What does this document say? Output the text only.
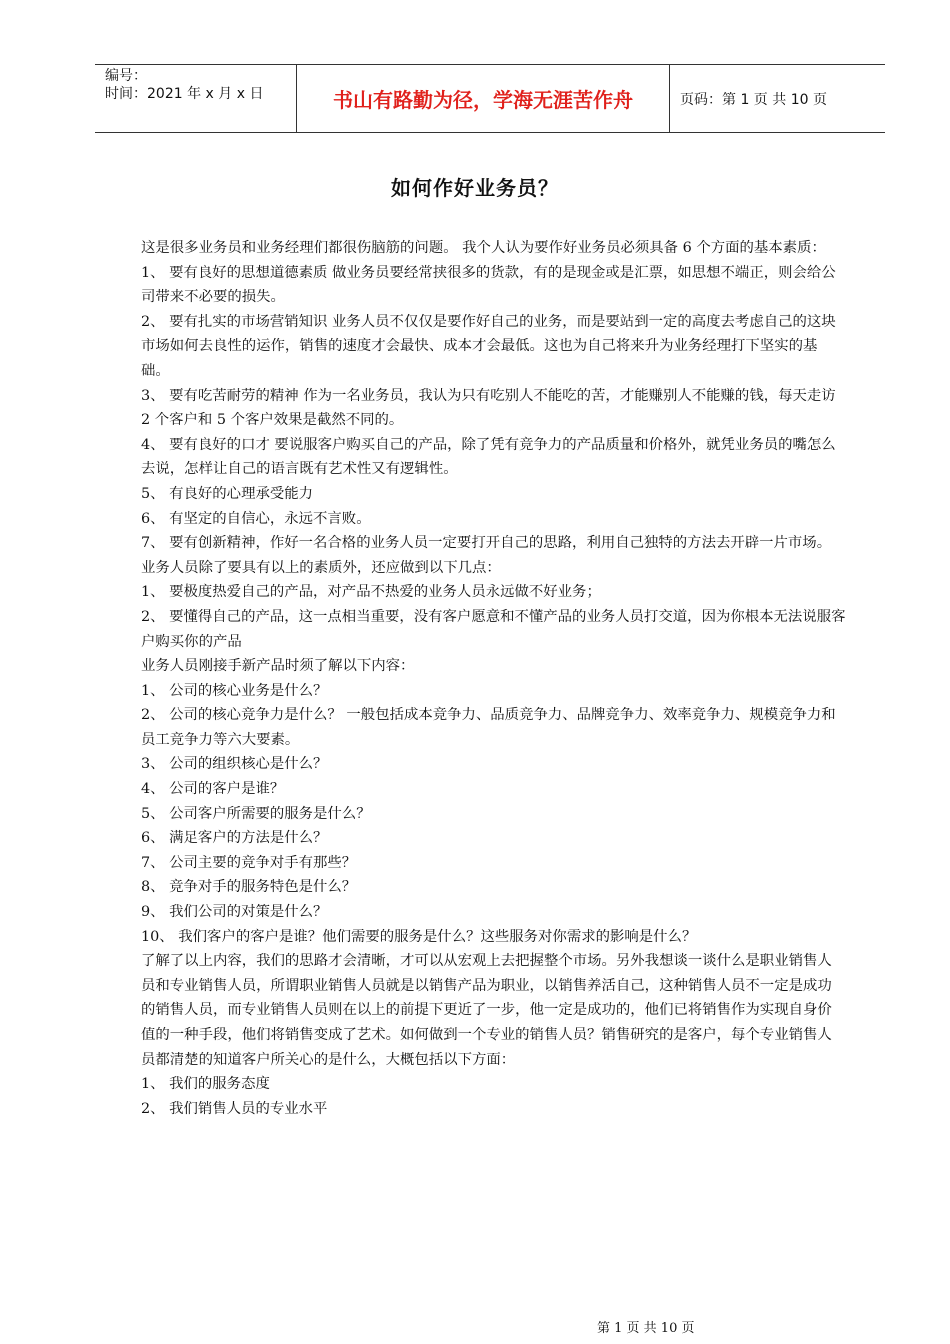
编号：
时间：2021 年 x 月 x 日	书山有路勤为径，学海无涯苦作舟	页码：第 1 页 共 10 页
如何作好业务员？

这是很多业务员和业务经理们都很伤脑筋的问题。 我个人认为要作好业务员必须具备 6 个方面的基本素质：

1、 要有良好的思想道德素质 做业务员要经常挟很多的货款，有的是现金或是汇票，如思想不端正，则会给公司带来不必要的损失。

2、 要有扎实的市场营销知识 业务人员不仅仅是要作好自己的业务，而是要站到一定的高度去考虑自己的这块市场如何去良性的运作，销售的速度才会最快、成本才会最低。这也为自己将来升为业务经理打下坚实的基础。

3、 要有吃苦耐劳的精神 作为一名业务员，我认为只有吃别人不能吃的苦，才能赚别人不能赚的钱，每天走访 2 个客户和 5 个客户效果是截然不同的。

4、 要有良好的口才 要说服客户购买自己的产品，除了凭有竞争力的产品质量和价格外，就凭业务员的嘴怎么去说，怎样让自己的语言既有艺术性又有逻辑性。

5、 有良好的心理承受能力

6、 有坚定的自信心，永远不言败。

7、 要有创新精神，作好一名合格的业务人员一定要打开自己的思路，利用自己独特的方法去开辟一片市场。

业务人员除了要具有以上的素质外，还应做到以下几点：

1、 要极度热爱自己的产品，对产品不热爱的业务人员永远做不好业务；

2、 要懂得自己的产品，这一点相当重要，没有客户愿意和不懂产品的业务人员打交道，因为你根本无法说服客户购买你的产品

业务人员刚接手新产品时须了解以下内容：

1、 公司的核心业务是什么？

2、 公司的核心竞争力是什么？ 一般包括成本竞争力、品质竞争力、品牌竞争力、效率竞争力、规模竞争力和员工竞争力等六大要素。

3、 公司的组织核心是什么？

4、 公司的客户是谁？

5、 公司客户所需要的服务是什么？

6、 满足客户的方法是什么？

7、 公司主要的竞争对手有那些？

8、 竞争对手的服务特色是什么？

9、 我们公司的对策是什么？

10、 我们客户的客户是谁？他们需要的服务是什么？这些服务对你需求的影响是什么？

了解了以上内容，我们的思路才会清晰，才可以从宏观上去把握整个市场。另外我想谈一谈什么是职业销售人员和专业销售人员，所谓职业销售人员就是以销售产品为职业，以销售养活自己，这种销售人员不一定是成功的销售人员，而专业销售人员则在以上的前提下更近了一步，他一定是成功的，他们已将销售作为实现自身价值的一种手段，他们将销售变成了艺术。如何做到一个专业的销售人员？销售研究的是客户，每个专业销售人员都清楚的知道客户所关心的是什么，大概包括以下方面：

1、 我们的服务态度

2、 我们销售人员的专业水平

第 1 页 共 10 页
